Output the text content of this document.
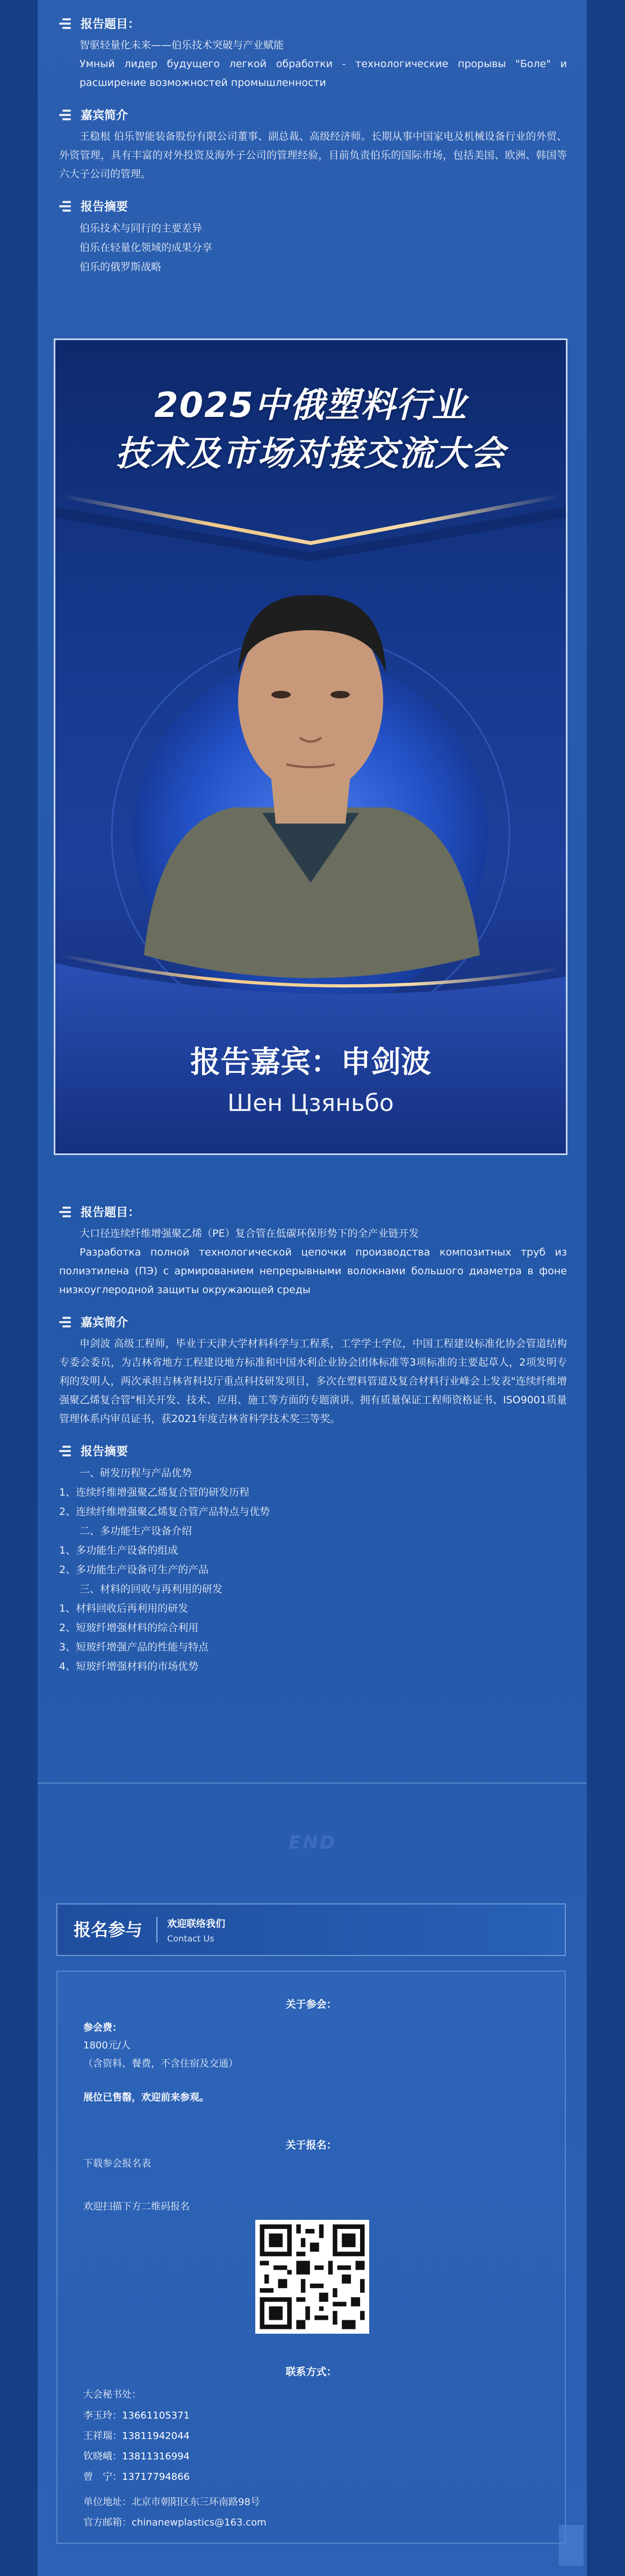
报告题目：

智驱轻量化未来——伯乐技术突破与产业赋能

Умный лидер будущего легкой обработки - технологические прорывы "Боле" и расширение возможностей промышленности

嘉宾简介

王稳根 伯乐智能装备股份有限公司董事、副总裁、高级经济师。长期从事中国家电及机械设备行业的外贸、外资管理，具有丰富的对外投资及海外子公司的管理经验，目前负责伯乐的国际市场，包括美国、欧洲、韩国等六大子公司的管理。

报告摘要
伯乐技术与同行的主要差异
伯乐在轻量化领域的成果分享
伯乐的俄罗斯战略
2025中俄塑料行业
技术及市场对接交流大会
报告嘉宾：申剑波
Шен Цзяньбо
报告题目：

大口径连续纤维增强聚乙烯（PE）复合管在低碳环保形势下的全产业链开发

Разработка полной технологической цепочки производства композитных труб из полиэтилена (ПЭ) с армированием непрерывными волокнами большого диаметра в фоне низкоуглеродной защиты окружающей среды

嘉宾简介

申剑波 高级工程师，毕业于天津大学材料科学与工程系，工学学士学位，中国工程建设标准化协会管道结构专委会委员，为吉林省地方工程建设地方标准和中国水利企业协会团体标准等3项标准的主要起草人，2项发明专利的发明人，两次承担吉林省科技厅重点科技研发项目，多次在塑料管道及复合材料行业峰会上发表"连续纤维增强聚乙烯复合管"相关开发、技术、应用、施工等方面的专题演讲。拥有质量保证工程师资格证书、ISO9001质量管理体系内审员证书，获2021年度吉林省科学技术奖三等奖。

报告摘要
一、研发历程与产品优势
1、连续纤维增强聚乙烯复合管的研发历程
2、连续纤维增强聚乙烯复合管产品特点与优势
二、多功能生产设备介绍
1、多功能生产设备的组成
2、多功能生产设备可生产的产品
三、材料的回收与再利用的研发
1、材料回收后再利用的研发
2、短玻纤增强材料的综合利用
3、短玻纤增强产品的性能与特点
4、短玻纤增强材料的市场优势
END
报名参与	欢迎联络我们
Contact Us
关于参会：
参会费：
1800元/人
（含资料、餐费，不含住宿及交通）
展位已售罄，欢迎前来参观。
关于报名：
下载参会报名表
欢迎扫描下方二维码报名
联系方式：
大会秘书处：
李玉玲：13661105371
王祥瑞：13811942044
钦晓峨：13811316994
曾　宁：13717794866
单位地址：北京市朝阳区东三环南路98号
官方邮箱：chinanewplastics@163.com
